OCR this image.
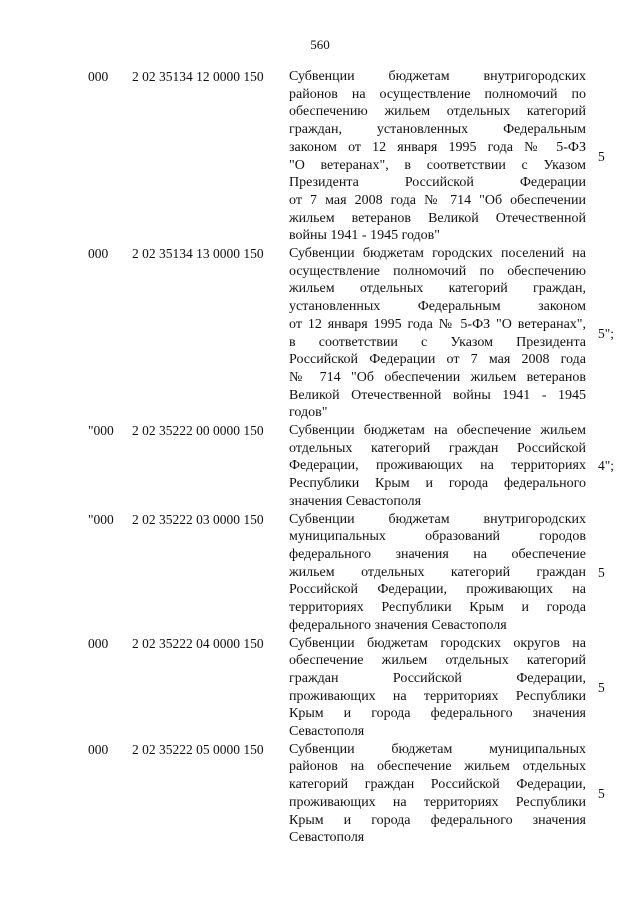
560
000 2 02 35134 12 0000 150 Субвенции бюджетам внутригородских
районов на осуществление полномочий по
обеспечению жильем отдельных категорий
граждан, установленных Федеральным
законом от 12 января 1995 года № 5-ФЗ
"О ветеранах", в соответствии с Указом
Президента Российской Федерации
от 7 мая 2008 года № 714 "Об обеспечении
жильем ветеранов Великой Отечественной
войны 1941 - 1945 годов"
5
000 2 02 35134 13 0000 150 Субвенции бюджетам городских поселений на
осуществление полномочий по обеспечению
жильем отдельных категорий граждан,
установленных Федеральным законом
от 12 января 1995 года № 5-ФЗ "О ветеранах",
в соответствии с Указом Президента
Российской Федерации от 7 мая 2008 года
№ 714 "Об обеспечении жильем ветеранов
Великой Отечественной войны 1941 - 1945
годов"
5";
"000 2 02 35222 00 0000 150 Субвенции бюджетам на обеспечение жильем
отдельных категорий граждан Российской
Федерации, проживающих на территориях
Республики Крым и города федерального
значения Севастополя
4";
"000 2 02 35222 03 0000 150 Субвенции бюджетам внутригородских
муниципальных образований городов
федерального значения на обеспечение
жильем отдельных категорий граждан
Российской Федерации, проживающих на
территориях Республики Крым и города
федерального значения Севастополя
5
000 2 02 35222 04 0000 150 Субвенции бюджетам городских округов на
обеспечение жильем отдельных категорий
граждан Российской Федерации,
проживающих на территориях Республики
Крым и города федерального значения
Севастополя
5
000 2 02 35222 05 0000 150 Субвенции бюджетам муниципальных
районов на обеспечение жильем отдельных
категорий граждан Российской Федерации,
проживающих на территориях Республики
Крым и города федерального значения
Севастополя
5
